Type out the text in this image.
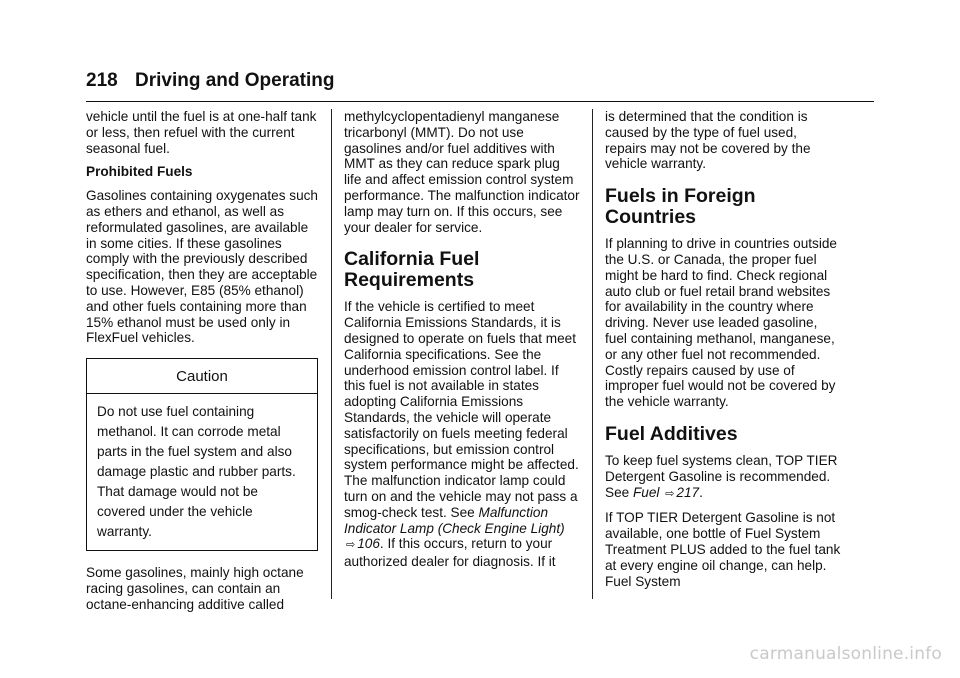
218 Driving and Operating

vehicle until the fuel is at one-half tank or less, then refuel with the current seasonal fuel.

Prohibited Fuels

Gasolines containing oxygenates such as ethers and ethanol, as well as reformulated gasolines, are available in some cities. If these gasolines comply with the previously described specification, then they are acceptable to use. However, E85 (85% ethanol) and other fuels containing more than 15% ethanol must be used only in FlexFuel vehicles.

Caution
Do not use fuel containing methanol. It can corrode metal parts in the fuel system and also damage plastic and rubber parts. That damage would not be covered under the vehicle warranty.

Some gasolines, mainly high octane racing gasolines, can contain an octane-enhancing additive called

methylcyclopentadienyl manganese tricarbonyl (MMT). Do not use gasolines and/or fuel additives with MMT as they can reduce spark plug life and affect emission control system performance. The malfunction indicator lamp may turn on. If this occurs, see your dealer for service.

California Fuel Requirements

If the vehicle is certified to meet California Emissions Standards, it is designed to operate on fuels that meet California specifications. See the underhood emission control label. If this fuel is not available in states adopting California Emissions Standards, the vehicle will operate satisfactorily on fuels meeting federal specifications, but emission control system performance might be affected. The malfunction indicator lamp could turn on and the vehicle may not pass a smog-check test. See Malfunction Indicator Lamp (Check Engine Light) ⇨ 106. If this occurs, return to your authorized dealer for diagnosis. If it

is determined that the condition is caused by the type of fuel used, repairs may not be covered by the vehicle warranty.

Fuels in Foreign Countries

If planning to drive in countries outside the U.S. or Canada, the proper fuel might be hard to find. Check regional auto club or fuel retail brand websites for availability in the country where driving. Never use leaded gasoline, fuel containing methanol, manganese, or any other fuel not recommended. Costly repairs caused by use of improper fuel would not be covered by the vehicle warranty.

Fuel Additives

To keep fuel systems clean, TOP TIER Detergent Gasoline is recommended. See Fuel ⇨ 217.

If TOP TIER Detergent Gasoline is not available, one bottle of Fuel System Treatment PLUS added to the fuel tank at every engine oil change, can help. Fuel System

carmanualsonline.info
